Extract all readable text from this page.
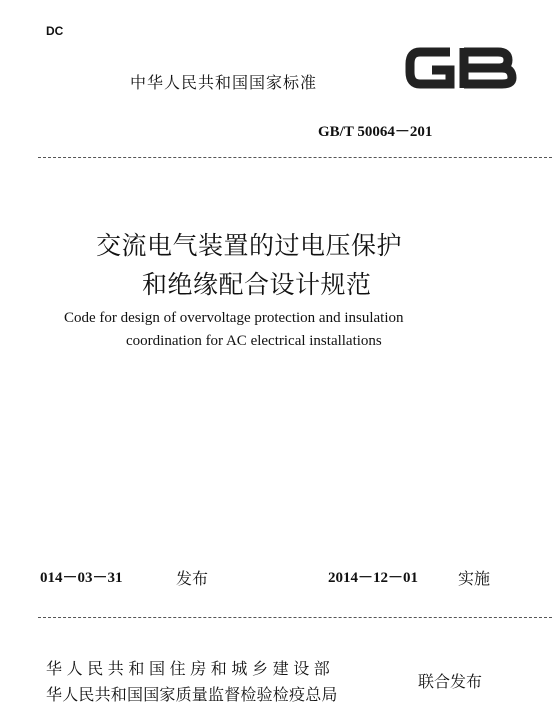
DC
中华人民共和国国家标准
GB/T 50064－201
交流电气装置的过电压保护
和绝缘配合设计规范
Code for design of overvoltage protection and insulation
coordination for AC electrical installations
014－03－31	发布	2014－12－01 实施
华人民共和国住房和城乡建设部
华人民共和国国家质量监督检验检疫总局
联合发布
